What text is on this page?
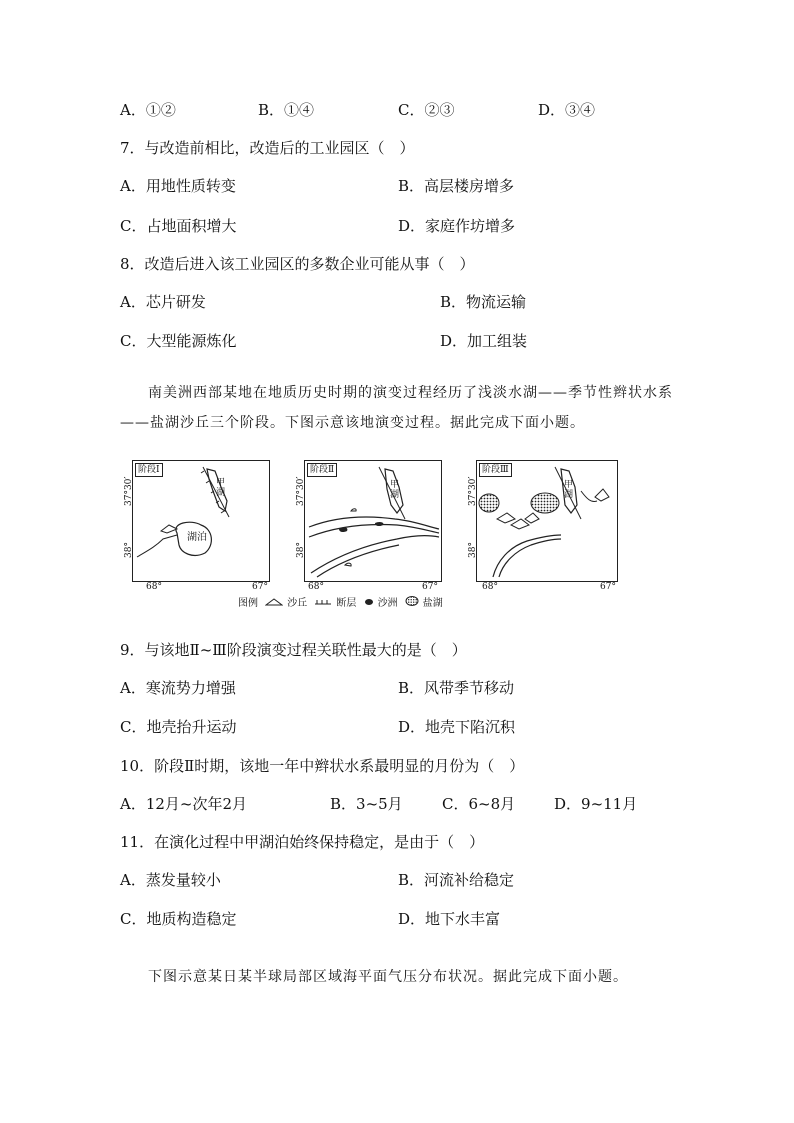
A．①②	B．①④	C．②③	D．③④
7．与改造前相比，改造后的工业园区（　）
A．用地性质转变	B．高层楼房增多
C．占地面积增大	D．家庭作坊增多
8．改造后进入该工业园区的多数企业可能从事（　）
A．芯片研发	B．物流运输
C．大型能源炼化	D．加工组装
南美洲西部某地在地质历史时期的演变过程经历了浅淡水湖——季节性辫状水系——盐湖沙丘三个阶段。下图示意该地演变过程。据此完成下面小题。
阶段Ⅰ
湖泊
37°30′
38°
68°	67°
阶段Ⅱ
37°30′
38°
68°	67°
阶段Ⅲ
37°30′
38°
68°	67°
甲湖
甲湖
甲湖
图例	沙丘	断层 沙洲	盐湖
9．与该地Ⅱ~Ⅲ阶段演变过程关联性最大的是（　）
A．寒流势力增强	B．风带季节移动
C．地壳抬升运动	D．地壳下陷沉积
10．阶段Ⅱ时期，该地一年中辫状水系最明显的月份为（　）
A．12月~次年2月	B．3~5月	C．6~8月	D．9~11月
11．在演化过程中甲湖泊始终保持稳定，是由于（　）
A．蒸发量较小	B．河流补给稳定
C．地质构造稳定	D．地下水丰富
下图示意某日某半球局部区域海平面气压分布状况。据此完成下面小题。
